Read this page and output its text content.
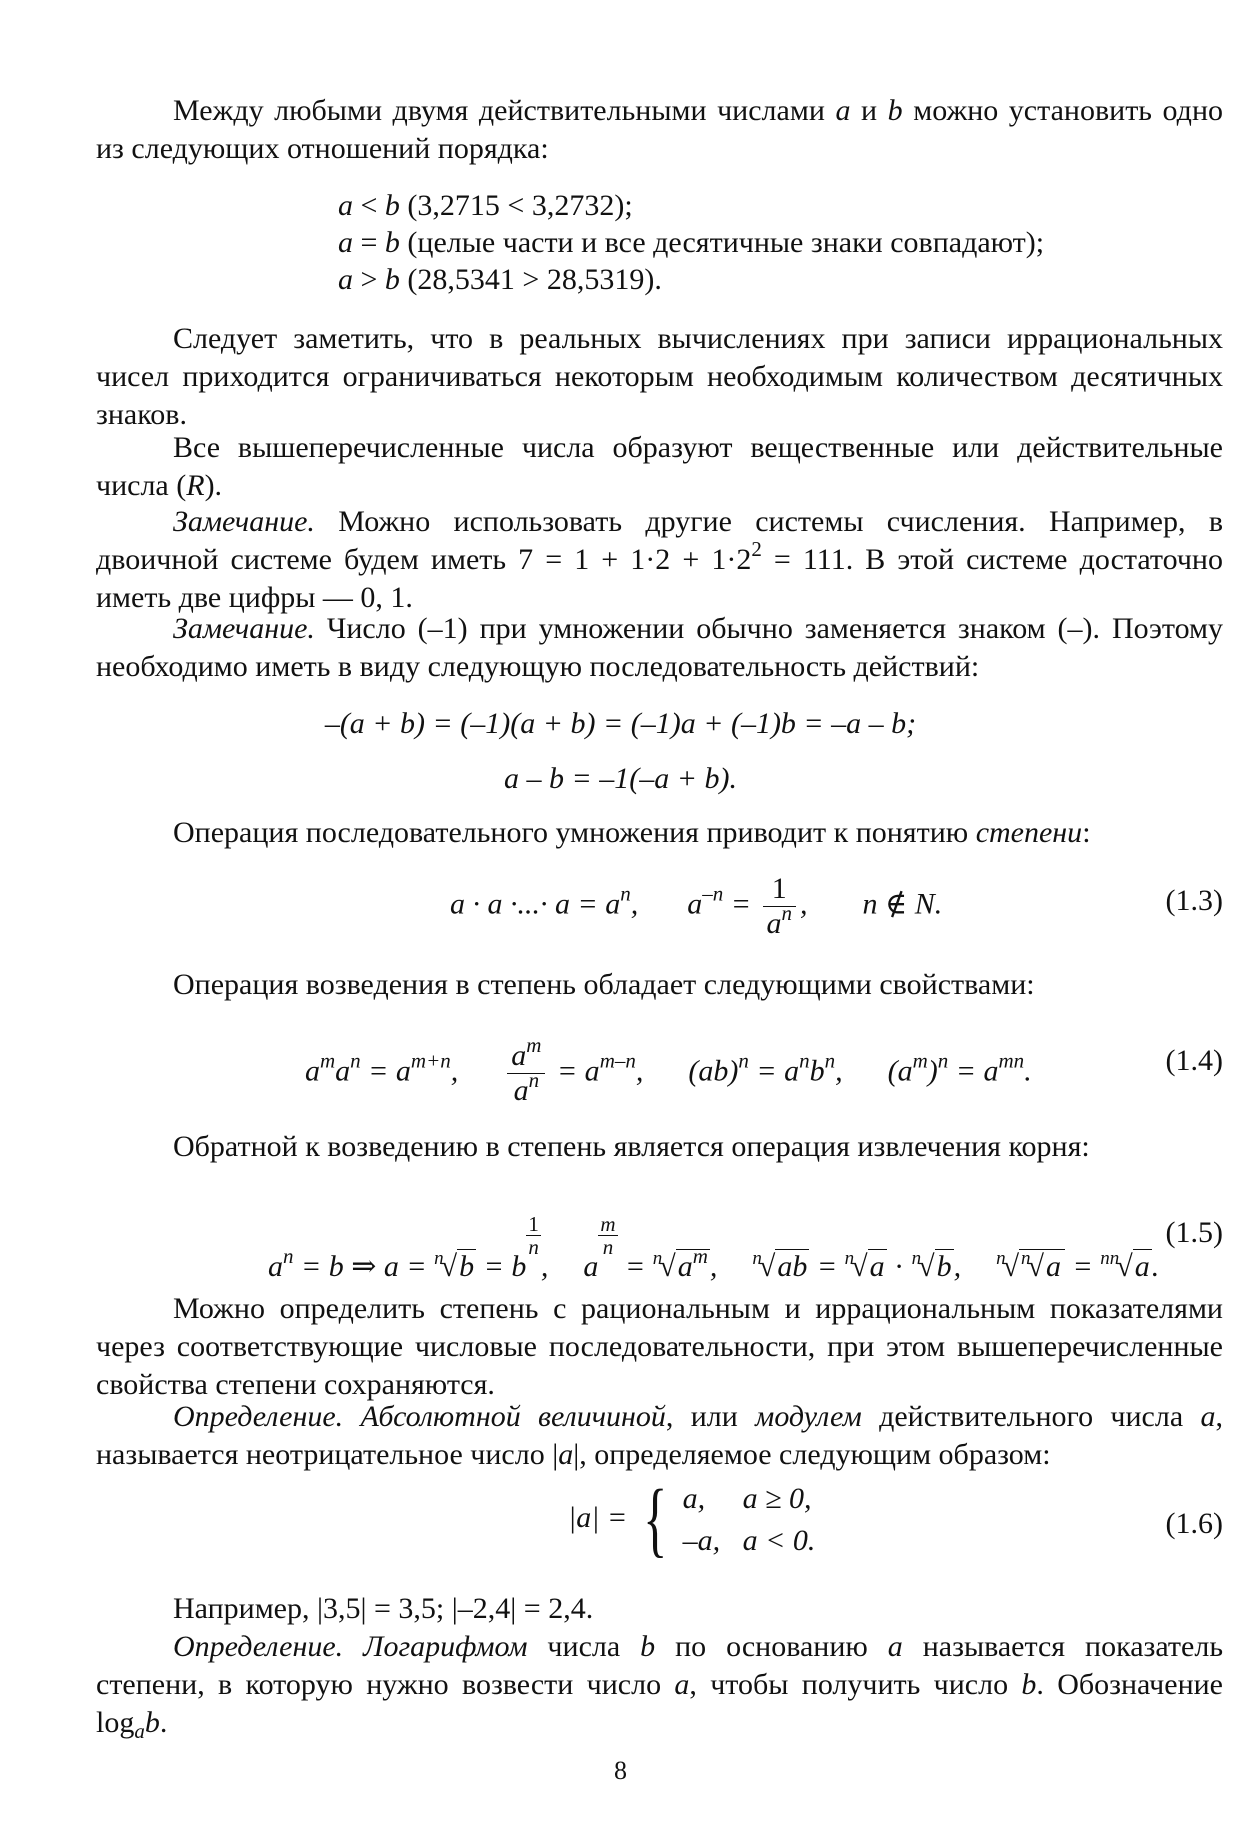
Между любыми двумя действительными числами a и b можно установить одно из следующих отношений порядка:

a < b (3,2715 < 3,2732);

a = b (целые части и все десятичные знаки совпадают);

a > b (28,5341 > 28,5319).

Следует заметить, что в реальных вычислениях при записи иррациональных чисел приходится ограничиваться некоторым необходимым количеством десятичных знаков.

Все вышеперечисленные числа образуют вещественные или действительные числа (R).

Замечание. Можно использовать другие системы счисления. Например, в двоичной системе будем иметь $7 = 1 + 1\cdot 2 + 1\cdot 2^2 = 111$. В этой системе достаточно иметь две цифры — 0, 1.

Замечание. Число (–1) при умножении обычно заменяется знаком (–). Поэтому необходимо иметь в виду следующую последовательность действий:

–(a + b) = (–1)(a + b) = (–1)a + (–1)b = –a – b;

a – b = –1(–a + b).

Операция последовательного умножения приводит к понятию степени:

a · a ·...· $a = a^n$, $a^{-n} = \frac{1}{a^n}$ , n ∉ N.	(1.3)

Операция возведения в степень обладает следующими свойствами:

$a^ma^n = a^{m+n}$, $\frac{a^m}{a^n} = a^{m-n}$, $(ab)^n = a^nb^n$, $(a^m)^n = a^{mn}$.	(1.4)

Обратной к возведению в степень является операция извлечения корня:

$a^n = b$ ⇒ a = $^n$√b = b
$\frac{1}{n}$
, a
$\frac{m}{n}$
= $^n√a^m$, $^n$√ab = $^n$√a · $^n$√b, $^n$√ $^n$√a = $^{nn}$√a.
(1.5)

Можно определить степень с рациональным и иррациональным показателями через соответствующие числовые последовательности, при этом вышеперечисленные свойства степени сохраняются.

Определение. Абсолютной величиной, или модулем действительного числа a, называется неотрицательное число |a|, определяемое следующим образом:

|a| = { a, a ≥ 0,
–a, a < 0.
(1.6)

Например, |3,5| = 3,5; |–2,4| = 2,4.

Определение. Логарифмом числа b по основанию a называется показатель степени, в которую нужно возвести число a, чтобы получить число b. Обозначение $\log_ab$.

8
